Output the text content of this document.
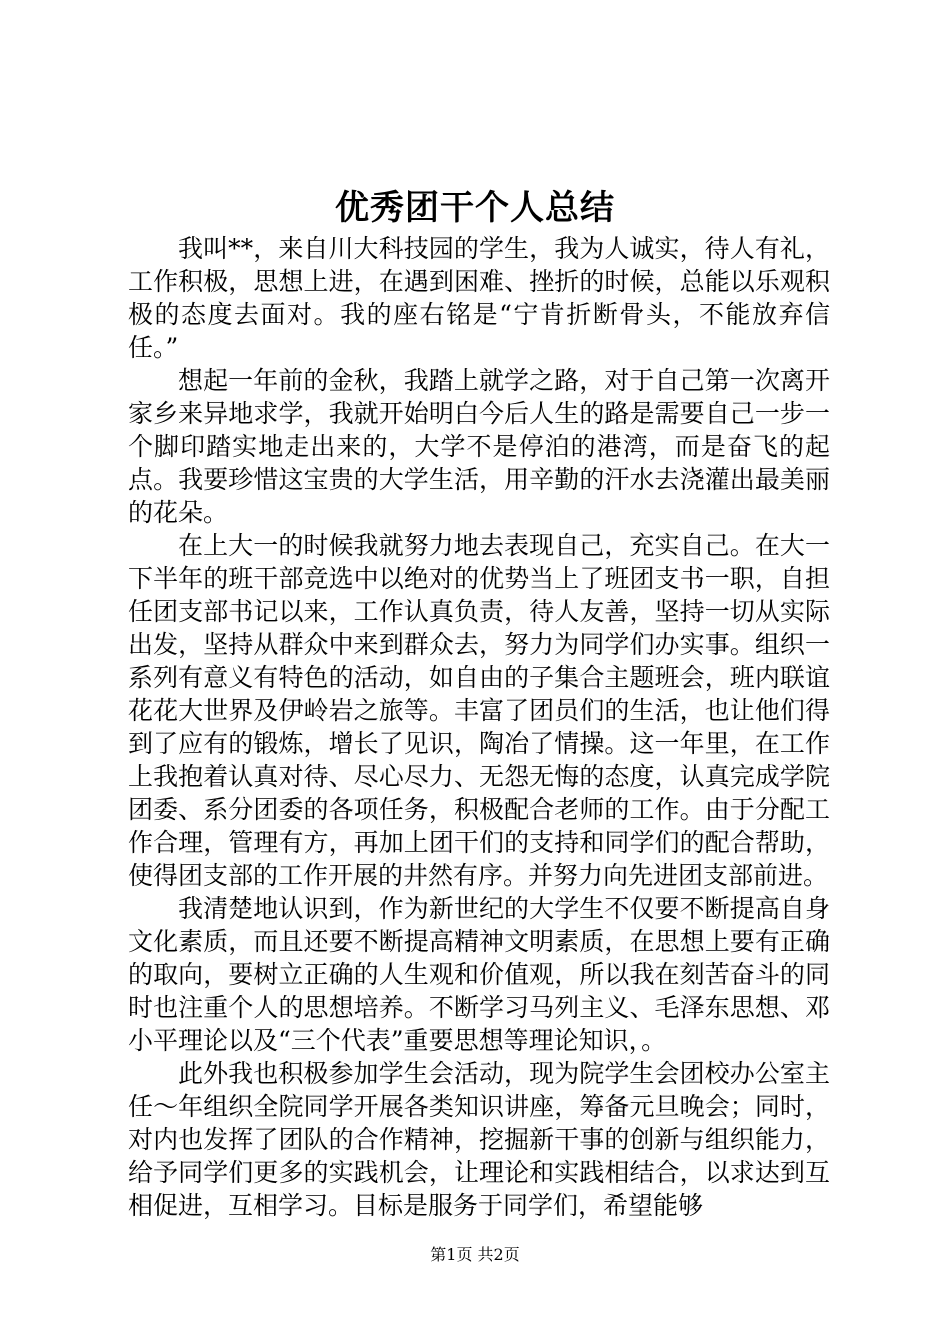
优秀团干个人总结

我叫**，来自川大科技园的学生，我为人诚实，待人有礼，工作积极，思想上进，在遇到困难、挫折的时候，总能以乐观积极的态度去面对。我的座右铭是“宁肯折断骨头，不能放弃信任。”

想起一年前的金秋，我踏上就学之路，对于自己第一次离开家乡来异地求学，我就开始明白今后人生的路是需要自己一步一个脚印踏实地走出来的，大学不是停泊的港湾，而是奋飞的起点。我要珍惜这宝贵的大学生活，用辛勤的汗水去浇灌出最美丽的花朵。

在上大一的时候我就努力地去表现自己，充实自己。在大一下半年的班干部竞选中以绝对的优势当上了班团支书一职，自担任团支部书记以来，工作认真负责，待人友善，坚持一切从实际出发，坚持从群众中来到群众去，努力为同学们办实事。组织一系列有意义有特色的活动，如自由的子集合主题班会，班内联谊花花大世界及伊岭岩之旅等。丰富了团员们的生活，也让他们得到了应有的锻炼，增长了见识，陶冶了情操。这一年里，在工作上我抱着认真对待、尽心尽力、无怨无悔的态度，认真完成学院团委、系分团委的各项任务，积极配合老师的工作。由于分配工作合理，管理有方，再加上团干们的支持和同学们的配合帮助，使得团支部的工作开展的井然有序。并努力向先进团支部前进。

我清楚地认识到，作为新世纪的大学生不仅要不断提高自身文化素质，而且还要不断提高精神文明素质，在思想上要有正确的取向，要树立正确的人生观和价值观，所以我在刻苦奋斗的同时也注重个人的思想培养。不断学习马列主义、毛泽东思想、邓小平理论以及“三个代表”重要思想等理论知识，。

此外我也积极参加学生会活动，现为院学生会团校办公室主任～年组织全院同学开展各类知识讲座，筹备元旦晚会；同时，对内也发挥了团队的合作精神，挖掘新干事的创新与组织能力，给予同学们更多的实践机会，让理论和实践相结合，以求达到互相促进，互相学习。目标是服务于同学们，希望能够

第1页 共2页
